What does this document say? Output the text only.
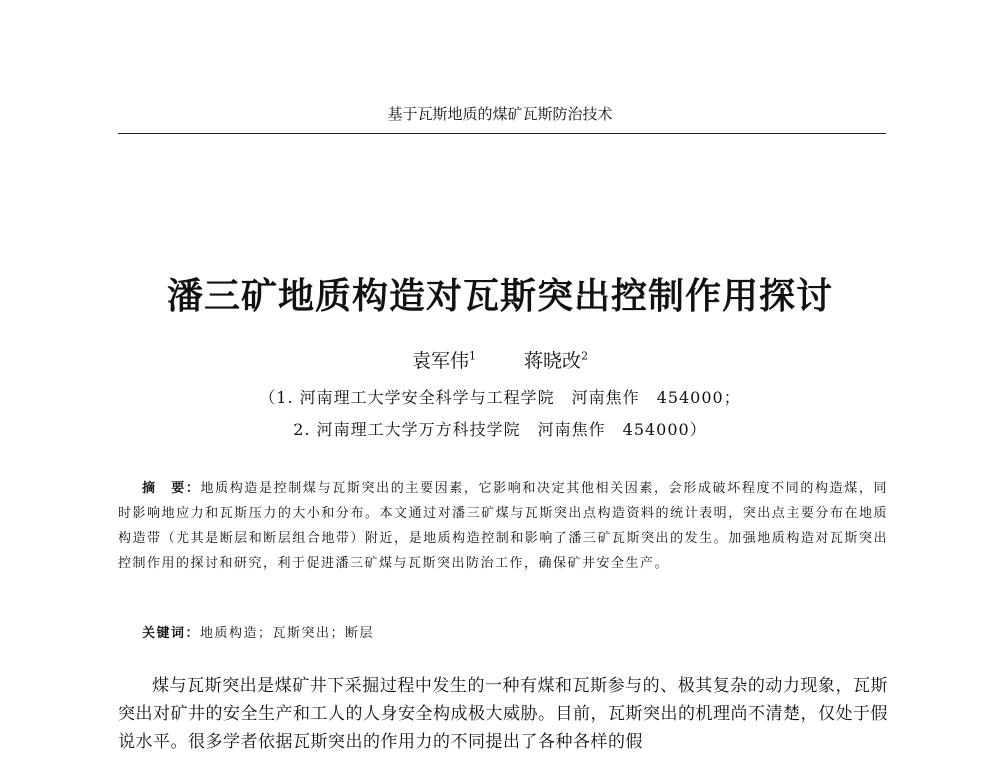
基于瓦斯地质的煤矿瓦斯防治技术
潘三矿地质构造对瓦斯突出控制作用探讨
袁军伟$^1$	蒋晓改$^2$
（1. 河南理工大学安全科学与工程学院　河南焦作　454000；
2. 河南理工大学万方科技学院　河南焦作　454000）
摘　要：地质构造是控制煤与瓦斯突出的主要因素，它影响和决定其他相关因素，会形成破坏程度不同的构造煤，同时影响地应力和瓦斯压力的大小和分布。本文通过对潘三矿煤与瓦斯突出点构造资料的统计表明，突出点主要分布在地质构造带（尤其是断层和断层组合地带）附近，是地质构造控制和影响了潘三矿瓦斯突出的发生。加强地质构造对瓦斯突出控制作用的探讨和研究，利于促进潘三矿煤与瓦斯突出防治工作，确保矿井安全生产。
关键词：地质构造；瓦斯突出；断层
煤与瓦斯突出是煤矿井下采掘过程中发生的一种有煤和瓦斯参与的、极其复杂的动力现象，瓦斯突出对矿井的安全生产和工人的人身安全构成极大威胁。目前，瓦斯突出的机理尚不清楚，仅处于假说水平。很多学者依据瓦斯突出的作用力的不同提出了各种各样的假
